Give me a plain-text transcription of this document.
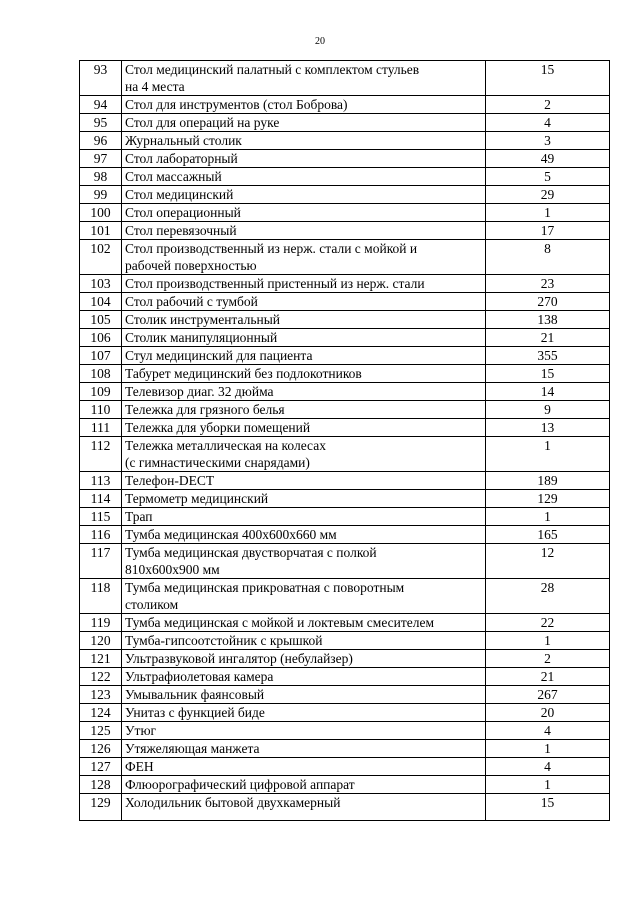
20
93	Стол медицинский палатный с комплектом стульев
на 4 места	15
94	Стол для инструментов (стол Боброва)	2
95	Стол для операций на руке	4
96	Журнальный столик	3
97	Стол лабораторный	49
98	Стол массажный	5
99	Стол медицинский	29
100	Стол операционный	1
101	Стол перевязочный	17
102	Стол производственный из нерж. стали с мойкой и
рабочей поверхностью	8
103	Стол производственный пристенный из нерж. стали	23
104	Стол рабочий с тумбой	270
105	Столик инструментальный	138
106	Столик манипуляционный	21
107	Стул медицинский для пациента	355
108	Табурет медицинский без подлокотников	15
109	Телевизор диаг. 32 дюйма	14
110	Тележка для грязного белья	9
111	Тележка для уборки помещений	13
112	Тележка металлическая на колесах
(с гимнастическими снарядами)	1
113	Телефон-DECT	189
114	Термометр медицинский	129
115	Трап	1
116	Тумба медицинская 400х600х660 мм	165
117	Тумба медицинская двустворчатая с полкой
810х600х900 мм	12
118	Тумба медицинская прикроватная с поворотным
столиком	28
119	Тумба медицинская с мойкой и локтевым смесителем	22
120	Тумба-гипсоотстойник с крышкой	1
121	Ультразвуковой ингалятор (небулайзер)	2
122	Ультрафиолетовая камера	21
123	Умывальник фаянсовый	267
124	Унитаз с функцией биде	20
125	Утюг	4
126	Утяжеляющая манжета	1
127	ФЕН	4
128	Флюорографический цифровой аппарат	1
129	Холодильник бытовой двухкамерный	15
